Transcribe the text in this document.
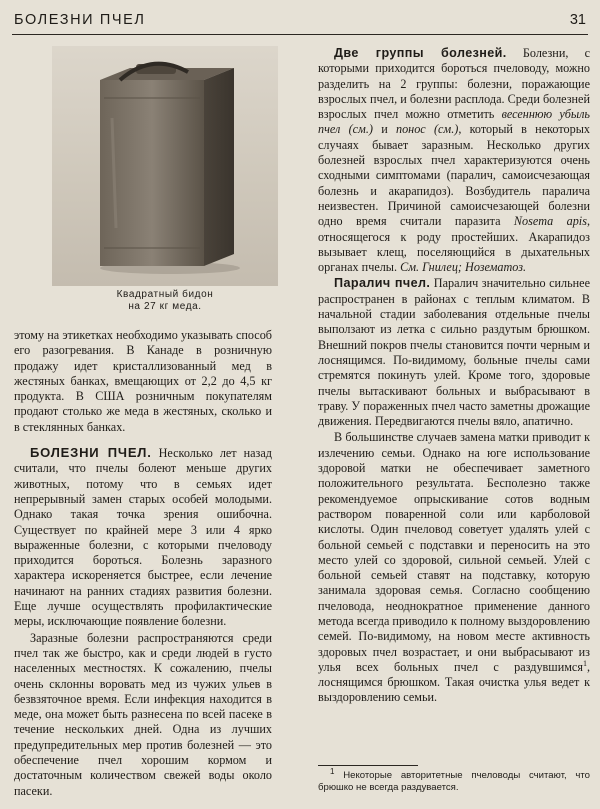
БОЛЕЗНИ ПЧЕЛ	31
Квадратный бидон
на 27 кг меда.

этому на этикетках необходимо указывать способ его разогревания. В Канаде в розничную продажу идет кристаллизованный мед в жестяных банках, вмещающих от 2,2 до 4,5 кг продукта. В США розничным покупателям продают столько же меда в жестяных, сколько и в стеклянных банках.

БОЛЕЗНИ ПЧЕЛ. Несколько лет назад считали, что пчелы болеют меньше других животных, потому что в семьях идет непрерывный замен старых особей молодыми. Однако такая точка зрения ошибочна. Существует по крайней мере 3 или 4 ярко выраженные болезни, с которыми пчеловоду приходится бороться. Болезнь заразного характера искореняется быстрее, если лечение начинают на ранних стадиях развития болезни. Еще лучше осуществлять профилактические меры, исключающие появление болезни.

Заразные болезни распространяются среди пчел так же быстро, как и среди людей в густо населенных местностях. К сожалению, пчелы очень склонны воровать мед из чужих ульев в безвзяточное время. Если инфекция находится в меде, она может быть разнесена по всей пасеке в течение нескольких дней. Одна из лучших предупредительных мер против болезней — это обеспечение пчел хорошим кормом и достаточным количеством свежей воды около пасеки.

Две группы болезней. Болезни, с которыми приходится бороться пчеловоду, можно разделить на 2 группы: болезни, поражающие взрослых пчел, и болезни расплода. Среди болезней взрослых пчел можно отметить весеннюю убыль пчел (см.) и понос (см.), который в некоторых случаях бывает заразным. Несколько других болезней взрослых пчел характеризуются очень сходными симптомами (паралич, самоисчезающая болезнь и акарапидоз). Возбудитель паралича неизвестен. Причиной самоисчезающей болезни одно время считали паразита Nosema apis, относящегося к роду простейших. Акарапидоз вызывает клещ, поселяющийся в дыхательных органах пчелы. См. Гнилец; Нозематоз.

Паралич пчел. Паралич значительно сильнее распространен в районах с теплым климатом. В начальной стадии заболевания отдельные пчелы выползают из летка с сильно раздутым брюшком. Внешний покров пчелы становится почти черным и лоснящимся. По-видимому, больные пчелы сами стремятся покинуть улей. Кроме того, здоровые пчелы вытаскивают больных и выбрасывают в траву. У пораженных пчел часто заметны дрожащие движения. Передвигаются пчелы вяло, апатично.

В большинстве случаев замена матки приводит к излечению семьи. Однако на юге использование здоровой матки не обеспечивает заметного положительного результата. Бесполезно также рекомендуемое опрыскивание сотов водным раствором поваренной соли или карболовой кислоты. Один пчеловод советует удалять улей с больной семьей с подставки и переносить на это место улей со здоровой, сильной семьей. Улей с больной семьей ставят на подставку, которую занимала здоровая семья. Согласно сообщению пчеловода, неоднократное применение данного метода всегда приводило к полному выздоровлению семей. По-видимому, на новом месте активность здоровых пчел возрастает, и они выбрасывают из улья всех больных пчел с раздувшимся$^1$, лоснящимся брюшком. Такая очистка улья ведет к выздоровлению семьи.

$^1$ Некоторые авторитетные пчеловоды считают, что брюшко не всегда раздувается.
